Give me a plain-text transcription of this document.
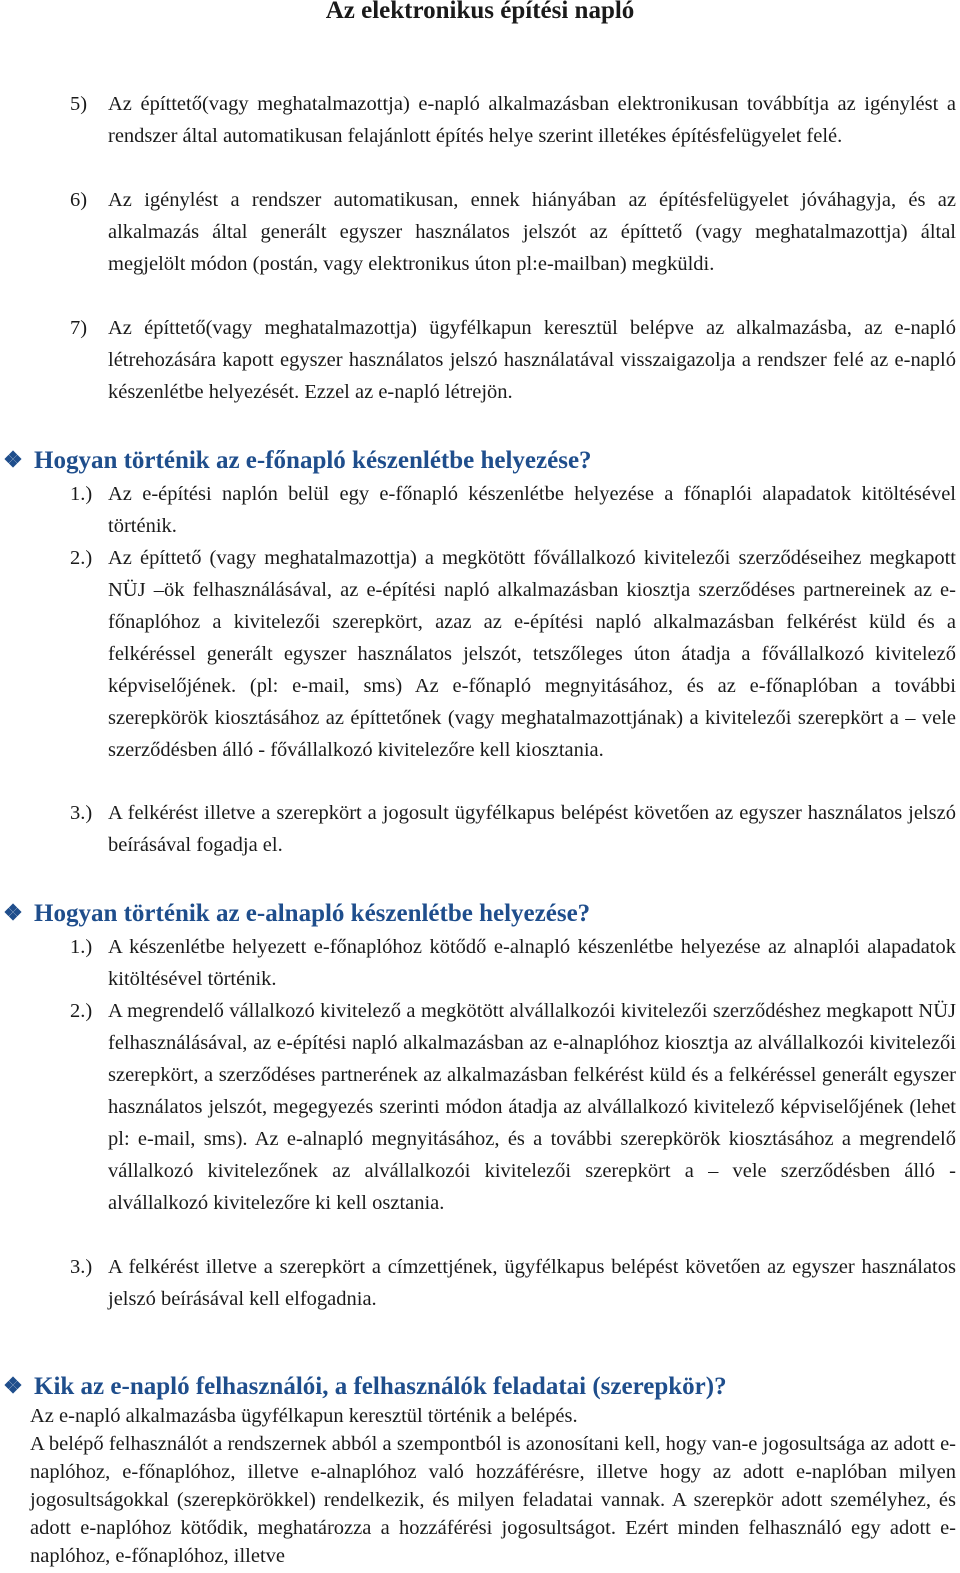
Az elektronikus építési napló
5) Az építtető(vagy meghatalmazottja) e-napló alkalmazásban elektronikusan továbbítja az igénylést a rendszer által automatikusan felajánlott építés helye szerint illetékes építésfelügyelet felé.
6) Az igénylést a rendszer automatikusan, ennek hiányában az építésfelügyelet jóváhagyja, és az alkalmazás által generált egyszer használatos jelszót az építtető (vagy meghatalmazottja) által megjelölt módon (postán, vagy elektronikus úton pl:e-mailban) megküldi.
7) Az építtető(vagy meghatalmazottja) ügyfélkapun keresztül belépve az alkalmazásba, az e-napló létrehozására kapott egyszer használatos jelszó használatával visszaigazolja a rendszer felé az e-napló készenlétbe helyezését. Ezzel az e-napló létrejön.
❖ Hogyan történik az e-főnapló készenlétbe helyezése?
1.) Az e-építési naplón belül egy e-főnapló készenlétbe helyezése a főnaplói alapadatok kitöltésével történik.
2.) Az építtető (vagy meghatalmazottja) a megkötött fővállalkozó kivitelezői szerződéseihez megkapott NÜJ –ök felhasználásával, az e-építési napló alkalmazásban kiosztja szerződéses partnereinek az e-főnaplóhoz a kivitelezői szerepkört, azaz az e-építési napló alkalmazásban felkérést küld és a felkéréssel generált egyszer használatos jelszót, tetszőleges úton átadja a fővállalkozó kivitelező képviselőjének. (pl: e-mail, sms) Az e-főnapló megnyitásához, és az e-főnaplóban a további szerepkörök kiosztásához az építtetőnek (vagy meghatalmazottjának) a kivitelezői szerepkört a – vele szerződésben álló - fővállalkozó kivitelezőre kell kiosztania.
3.) A felkérést illetve a szerepkört a jogosult ügyfélkapus belépést követően az egyszer használatos jelszó beírásával fogadja el.
❖ Hogyan történik az e-alnapló készenlétbe helyezése?
1.) A készenlétbe helyezett e-főnaplóhoz kötődő e-alnapló készenlétbe helyezése az alnaplói alapadatok kitöltésével történik.
2.) A megrendelő vállalkozó kivitelező a megkötött alvállalkozói kivitelezői szerződéshez megkapott NÜJ felhasználásával, az e-építési napló alkalmazásban az e-alnaplóhoz kiosztja az alvállalkozói kivitelezői szerepkört, a szerződéses partnerének az alkalmazásban felkérést küld és a felkéréssel generált egyszer használatos jelszót, megegyezés szerinti módon átadja az alvállalkozó kivitelező képviselőjének (lehet pl: e-mail, sms). Az e-alnapló megnyitásához, és a további szerepkörök kiosztásához a megrendelő vállalkozó kivitelezőnek az alvállalkozói kivitelezői szerepkört a – vele szerződésben álló - alvállalkozó kivitelezőre ki kell osztania.
3.) A felkérést illetve a szerepkört a címzettjének, ügyfélkapus belépést követően az egyszer használatos jelszó beírásával kell elfogadnia.
❖ Kik az e-napló felhasználói, a felhasználók feladatai (szerepkör)?
Az e-napló alkalmazásba ügyfélkapun keresztül történik a belépés.
A belépő felhasználót a rendszernek abból a szempontból is azonosítani kell, hogy van-e jogosultsága az adott e-naplóhoz, e-főnaplóhoz, illetve e-alnaplóhoz való hozzáférésre, illetve hogy az adott e-naplóban milyen jogosultságokkal (szerepkörökkel) rendelkezik, és milyen feladatai vannak. A szerepkör adott személyhez, és adott e-naplóhoz kötődik, meghatározza a hozzáférési jogosultságot. Ezért minden felhasználó egy adott e-naplóhoz, e-főnaplóhoz, illetve
